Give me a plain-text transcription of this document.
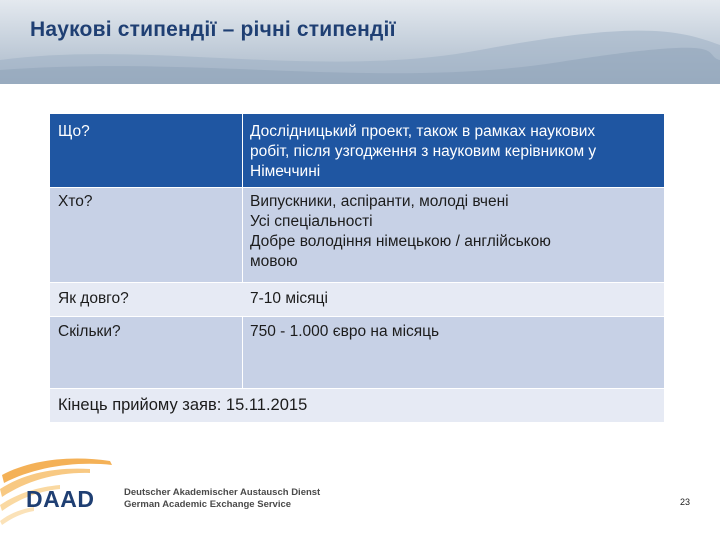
Наукові стипендії – річні стипендії
Що?	Дослідницький проект, також в рамках наукових
робіт, після узгодження з науковим керівником у
Німеччині
Хто?	Випускники, аспіранти, молоді вчені
Усі спеціальності
Добре володіння німецькою / англійською
мовою
Як довго?	7-10 місяці
Скільки?	750 - 1.000 євро на місяць
Кінець прийому заяв: 15.11.2015
DAAD	Deutscher Akademischer Austausch Dienst
German Academic Exchange Service	23
